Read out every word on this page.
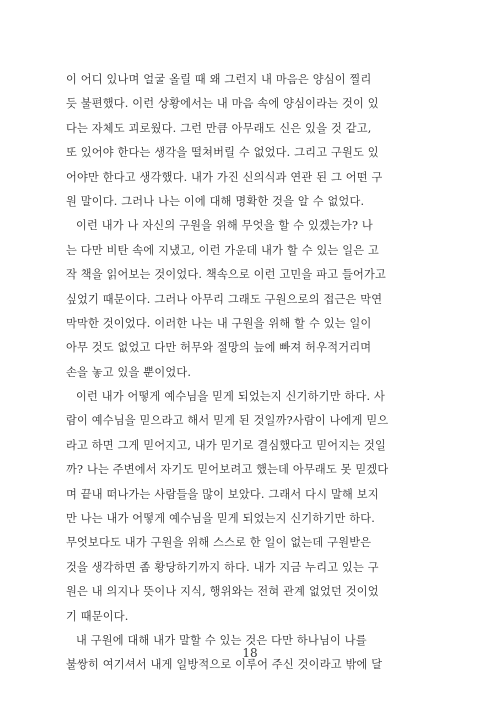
이 어디 있나며 얼굴 올릴 때 왜 그런지 내 마음은 양심이 찔리
듯 불편했다. 이런 상황에서는 내 마음 속에 양심이라는 것이 있
다는 자체도 괴로웠다. 그런 만큼 아무래도 신은 있을 것 같고,
또 있어야 한다는 생각을 떨쳐버릴 수 없었다. 그리고 구원도 있
어야만 한다고 생각했다. 내가 가진 신의식과 연관 된 그 어떤 구
원 말이다. 그러나 나는 이에 대해 명확한 것을 알 수 없었다.
이런 내가 나 자신의 구원을 위해 무엇을 할 수 있겠는가? 나
는 다만 비탄 속에 지냈고, 이런 가운데 내가 할 수 있는 일은 고
작 책을 읽어보는 것이었다. 책속으로 이런 고민을 파고 들어가고
싶었기 때문이다. 그러나 아무리 그래도 구원으로의 접근은 막연
막막한 것이었다. 이러한 나는 내 구원을 위해 할 수 있는 일이
아무 것도 없었고 다만 허무와 절망의 늪에 빠져 허우적거리며
손을 놓고 있을 뿐이었다.
이런 내가 어떻게 예수님을 믿게 되었는지 신기하기만 하다. 사
람이 예수님을 믿으라고 해서 믿게 된 것일까?사람이 나에게 믿으
라고 하면 그게 믿어지고, 내가 믿기로 결심했다고 믿어지는 것일
까? 나는 주변에서 자기도 믿어보려고 했는데 아무래도 못 믿겠다
며 끝내 떠나가는 사람들을 많이 보았다. 그래서 다시 말해 보지
만 나는 내가 어떻게 예수님을 믿게 되었는지 신기하기만 하다.
무엇보다도 내가 구원을 위해 스스로 한 일이 없는데 구원받은
것을 생각하면 좀 황당하기까지 하다. 내가 지금 누리고 있는 구
원은 내 의지나 뜻이나 지식, 행위와는 전혀 관계 없었던 것이었
기 때문이다.
내 구원에 대해 내가 말할 수 있는 것은 다만 하나님이 나를
불쌍히 여기셔서 내게 일방적으로 이루어 주신 것이라고 밖에 달
18
